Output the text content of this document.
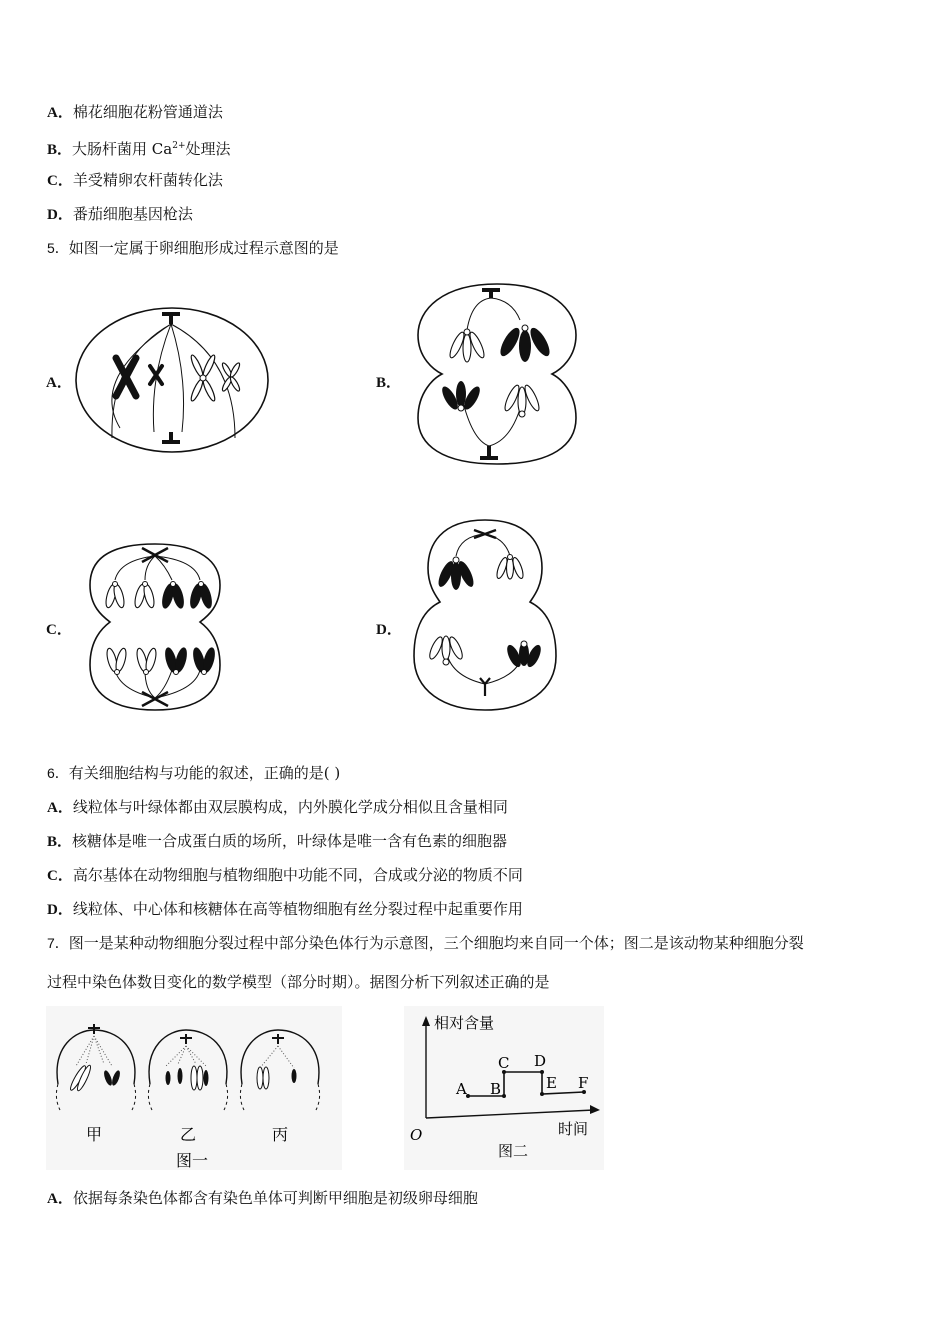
A．棉花细胞花粉管通道法
B．大肠杆菌用 $Ca^{2+}$处理法
C．羊受精卵农杆菌转化法
D．番茄细胞基因枪法
5．如图一定属于卵细胞形成过程示意图的是
A．	B．
C．	D．
6．有关细胞结构与功能的叙述，正确的是( )
A．线粒体与叶绿体都由双层膜构成，内外膜化学成分相似且含量相同
B．核糖体是唯一合成蛋白质的场所，叶绿体是唯一含有色素的细胞器
C．高尔基体在动物细胞与植物细胞中功能不同，合成或分泌的物质不同
D．线粒体、中心体和核糖体在高等植物细胞有丝分裂过程中起重要作用
7．图一是某种动物细胞分裂过程中部分染色体行为示意图，三个细胞均来自同一个体；图二是该动物某种细胞分裂
过程中染色体数目变化的数学模型（部分时期）。据图分析下列叙述正确的是
甲	乙	丙
图一
相对含量
时间
O
A B
C D
E F
图二
A．依据每条染色体都含有染色单体可判断甲细胞是初级卵母细胞
